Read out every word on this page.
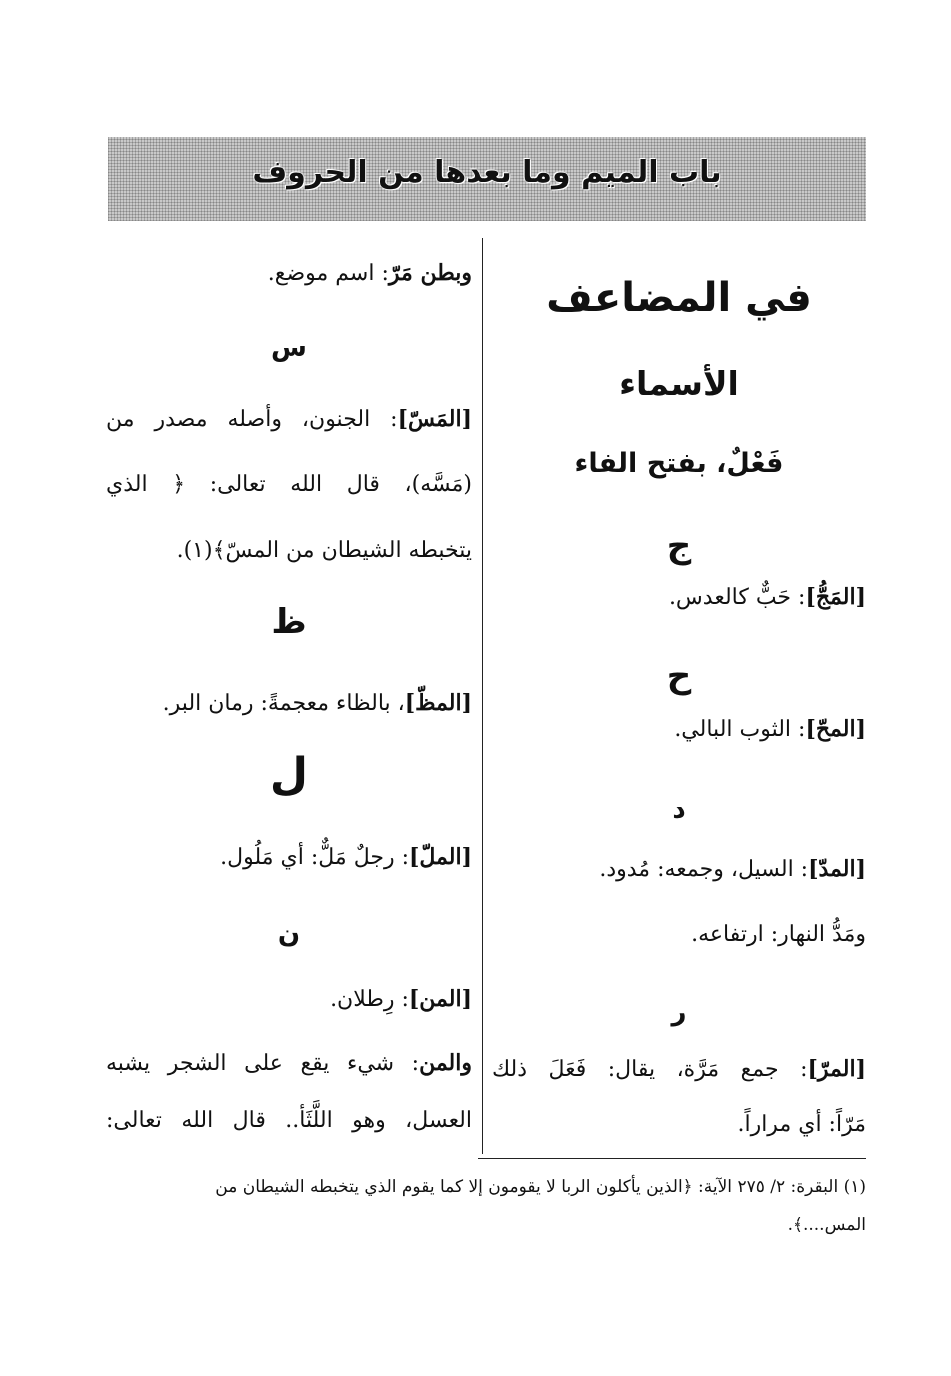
باب الميم وما بعدها من الحروف
في المضاعف
الأسماء
فَعْلٌ، بفتح الفاء
ج
[المَجُّ]: حَبٌّ كالعدس.
ح
[المحّ]: الثوب البالي.
د
[المدّ]: السيل، وجمعه: مُدود.
ومَدُّ النهار: ارتفاعه.
ر
[المرّ]: جمع مَرَّة، يقال: فَعَلَ ذلك
مَرّاً: أي مراراً.
وبطن مَرّ: اسم موضع.
س
[المَسّ]: الجنون، وأصله مصدر من
(مَسَّه)، قال الله تعالى: ﴿ الذي
يتخبطه الشيطان من المسّ﴾(١).
ظ
[المظّ]، بالظاء معجمةً: رمان البر.
ل
[الملّ]: رجلٌ مَلٌّ: أي مَلُول.
ن
[المن]: رِطلان.
والمن: شيء يقع على الشجر يشبه
العسل، وهو اللَّثَأ.. قال الله تعالى:
(١) البقرة: ٢/ ٢٧٥ الآية: ﴿الذين يأكلون الربا لا يقومون إلا كما يقوم الذي يتخبطه الشيطان من
المس....﴾.
